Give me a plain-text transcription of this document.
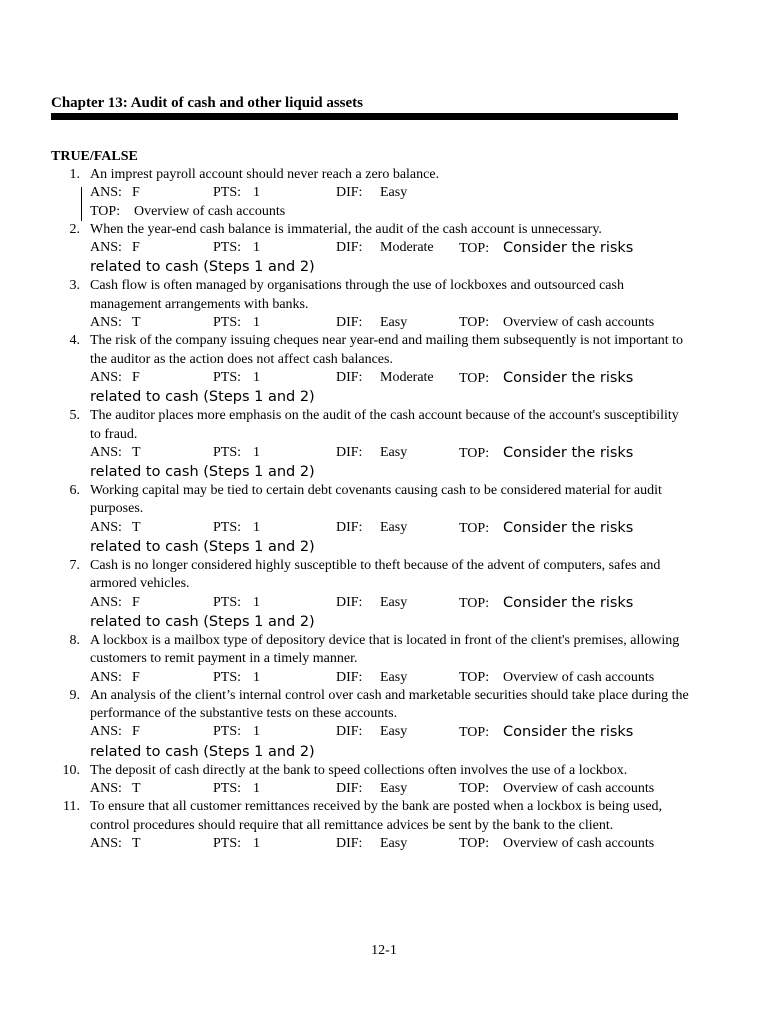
Chapter 13: Audit of cash and other liquid assets
TRUE/FALSE
1. An imprest payroll account should never reach a zero balance.
ANS: F	PTS: 1	DIF: Easy
TOP: Overview of cash accounts
2. When the year-end cash balance is immaterial, the audit of the cash account is unnecessary.
ANS: F	PTS: 1	DIF: Moderate TOP: Consider the risks
related to cash (Steps 1 and 2)
3. Cash flow is often managed by organisations through the use of lockboxes and outsourced cash management arrangements with banks.
ANS: T	PTS: 1	DIF: Easy	TOP: Overview of cash accounts
4. The risk of the company issuing cheques near year-end and mailing them subsequently is not important to the auditor as the action does not affect cash balances.
ANS: F	PTS: 1	DIF: Moderate TOP: Consider the risks
related to cash (Steps 1 and 2)
5. The auditor places more emphasis on the audit of the cash account because of the account's susceptibility to fraud.
ANS: T	PTS: 1	DIF: Easy	TOP: Consider the risks
related to cash (Steps 1 and 2)
6. Working capital may be tied to certain debt covenants causing cash to be considered material for audit purposes.
ANS: T	PTS: 1	DIF: Easy	TOP: Consider the risks
related to cash (Steps 1 and 2)
7. Cash is no longer considered highly susceptible to theft because of the advent of computers, safes and armored vehicles.
ANS: F	PTS: 1	DIF: Easy	TOP: Consider the risks
related to cash (Steps 1 and 2)
8. A lockbox is a mailbox type of depository device that is located in front of the client's premises, allowing customers to remit payment in a timely manner.
ANS: F	PTS: 1	DIF: Easy	TOP: Overview of cash accounts
9. An analysis of the client’s internal control over cash and marketable securities should take place during the performance of the substantive tests on these accounts.
ANS: F	PTS: 1	DIF: Easy	TOP: Consider the risks
related to cash (Steps 1 and 2)
10. The deposit of cash directly at the bank to speed collections often involves the use of a lockbox.
ANS: T	PTS: 1	DIF: Easy	TOP: Overview of cash accounts
11. To ensure that all customer remittances received by the bank are posted when a lockbox is being used, control procedures should require that all remittance advices be sent by the bank to the client.
ANS: T	PTS: 1	DIF: Easy	TOP: Overview of cash accounts
12-1
